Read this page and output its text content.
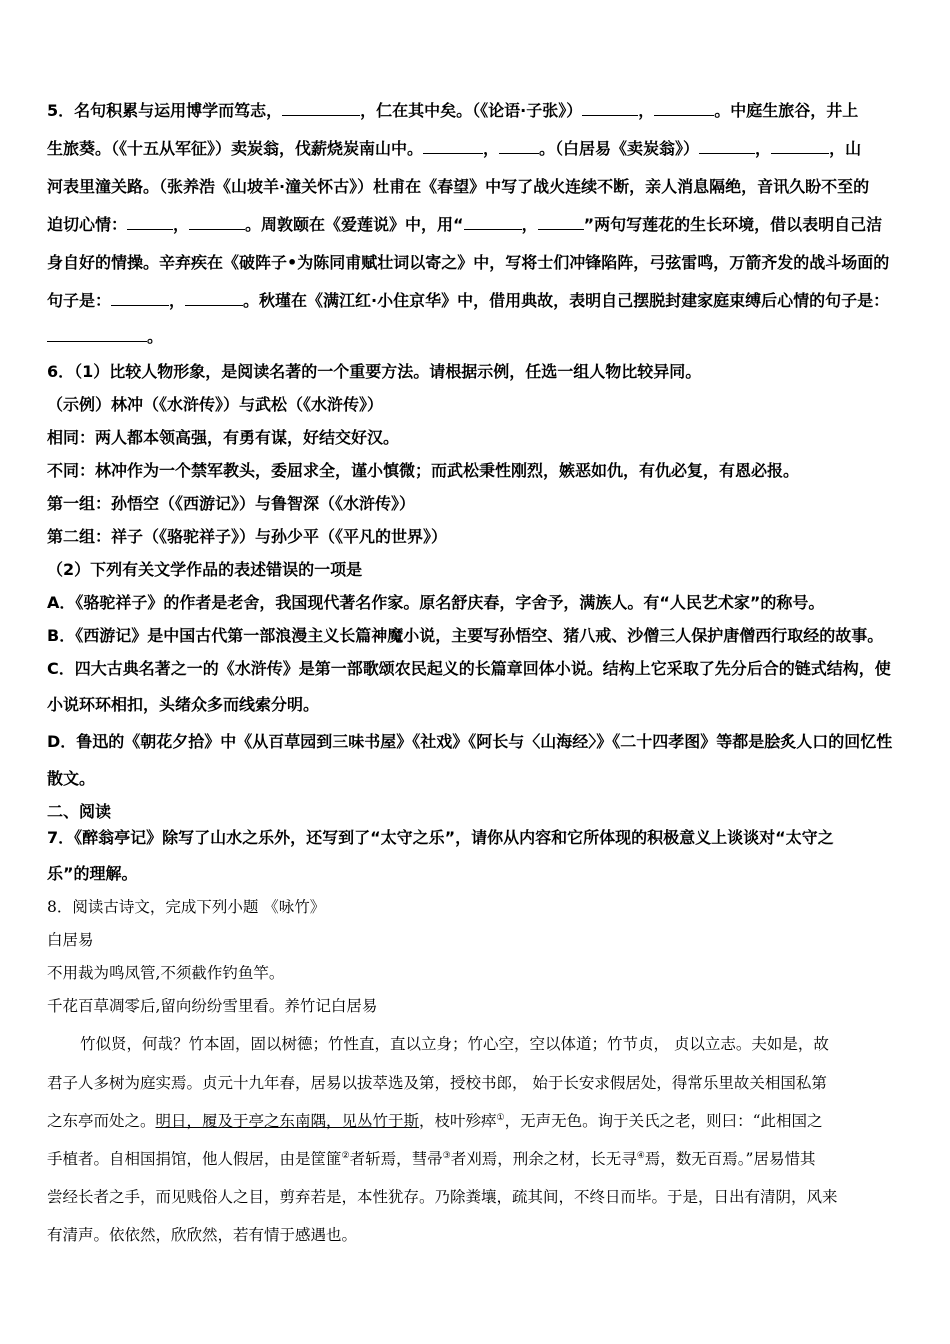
5．名句积累与运用博学而笃志，	，仁在其中矣。（《论语·子张》）	，	。中庭生旅谷，井上
生旅葵。（《十五从军征》）卖炭翁，伐薪烧炭南山中。	，	。（白居易《卖炭翁》）	，	，山
河表里潼关路。（张养浩《山坡羊·潼关怀古》）杜甫在《春望》中写了战火连续不断，亲人消息隔绝，音讯久盼不至的
迫切心情：	，	。周敦颐在《爱莲说》中，用“	，	”两句写莲花的生长环境，借以表明自己洁
身自好的情操。辛弃疾在《破阵子•为陈同甫赋壮词以寄之》中，写将士们冲锋陷阵，弓弦雷鸣，万箭齐发的战斗场面的
句子是：	，	。秋瑾在《满江红·小住京华》中，借用典故，表明自己摆脱封建家庭束缚后心情的句子是：
。
6．（1）比较人物形象，是阅读名著的一个重要方法。请根据示例，任选一组人物比较异同。
（示例）林冲（《水浒传》）与武松（《水浒传》）
相同：两人都本领高强，有勇有谋，好结交好汉。
不同：林冲作为一个禁军教头，委屈求全，谨小慎微；而武松秉性刚烈，嫉恶如仇，有仇必复，有恩必报。
第一组：孙悟空（《西游记》）与鲁智深（《水浒传》）
第二组：祥子（《骆驼祥子》）与孙少平（《平凡的世界》）
（2）下列有关文学作品的表述错误的一项是
A．《骆驼祥子》的作者是老舍，我国现代著名作家。原名舒庆春，字舍予，满族人。有“人民艺术家”的称号。
B．《西游记》是中国古代第一部浪漫主义长篇神魔小说，主要写孙悟空、猪八戒、沙僧三人保护唐僧西行取经的故事。
C．四大古典名著之一的《水浒传》是第一部歌颂农民起义的长篇章回体小说。结构上它采取了先分后合的链式结构，使
小说环环相扣，头绪众多而线索分明。
D．鲁迅的《朝花夕拾》中《从百草园到三味书屋》《社戏》《阿长与〈山海经〉》《二十四孝图》等都是脍炙人口的回忆性
散文。
二、阅读
7．《醉翁亭记》除写了山水之乐外，还写到了“太守之乐”，请你从内容和它所体现的积极意义上谈谈对“太守之
乐”的理解。
8．阅读古诗文，完成下列小题 《咏竹》
白居易
不用裁为鸣凤管,不须截作钓鱼竿。
千花百草凋零后,留向纷纷雪里看。养竹记白居易
竹似贤，何哉？竹本固，固以树德；竹性直，直以立身；竹心空，空以体道；竹节贞， 贞以立志。夫如是，故
君子人多树为庭实焉。贞元十九年春，居易以拔萃选及第，授校书郎， 始于长安求假居处，得常乐里故关相国私第
之东亭而处之。明日，履及于亭之东南隅，见丛竹于斯，枝叶殄瘁①，无声无色。询于关氏之老，则曰：“此相国之
手植者。自相国捐馆，他人假居，由是筐篚②者斩焉，彗帚③者刈焉，刑余之材，长无寻④焉，数无百焉。”居易惜其
尝经长者之手，而见贱俗人之目，剪弃若是，本性犹存。乃除粪壤，疏其间，不终日而毕。于是，日出有清阴，风来
有清声。依依然，欣欣然，若有情于感遇也。
